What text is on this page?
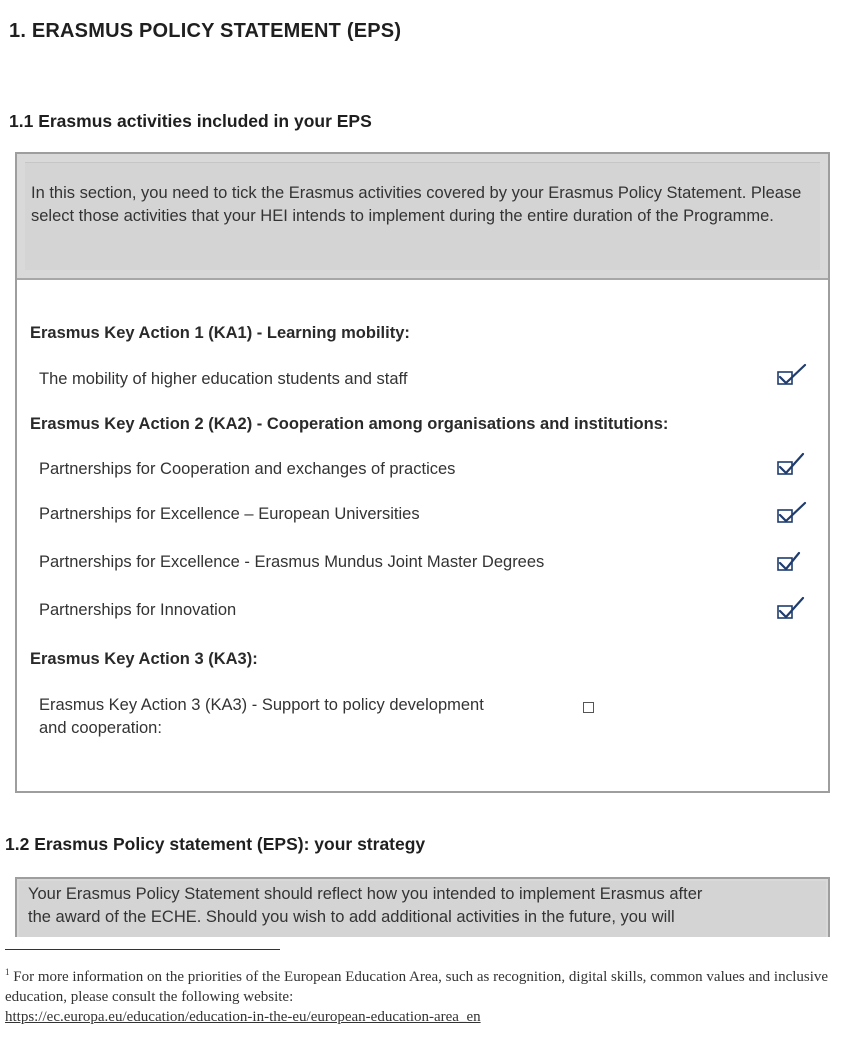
1. ERASMUS POLICY STATEMENT (EPS)
1.1 Erasmus activities included in your EPS
In this section, you need to tick the Erasmus activities covered by your Erasmus Policy Statement. Please select those activities that your HEI intends to implement during the entire duration of the Programme.
Erasmus Key Action 1 (KA1) - Learning mobility:
The mobility of higher education students and staff
Erasmus Key Action 2 (KA2) - Cooperation among organisations and institutions:
Partnerships for Cooperation and exchanges of practices
Partnerships for Excellence – European Universities
Partnerships for Excellence - Erasmus Mundus Joint Master Degrees
Partnerships for Innovation
Erasmus Key Action 3 (KA3):
Erasmus Key Action 3 (KA3) - Support to policy development
and cooperation:
1.2 Erasmus Policy statement (EPS): your strategy
Your Erasmus Policy Statement should reflect how you intended to implement Erasmus after
the award of the ECHE. Should you wish to add additional activities in the future, you will
$^1$ For more information on the priorities of the European Education Area, such as recognition, digital skills, common values and inclusive education, please consult the following website:
https://ec.europa.eu/education/education-in-the-eu/european-education-area_en
